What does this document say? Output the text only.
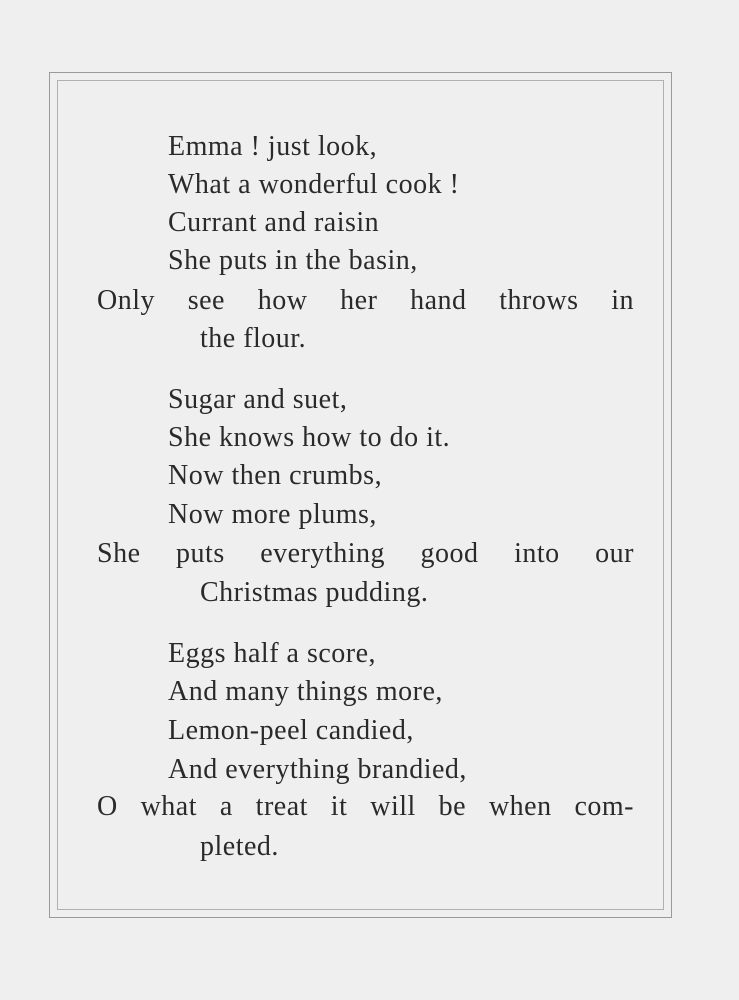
Emma ! just look,
What a wonderful cook !
Currant and raisin
She puts in the basin,
Only see how her hand throws in
the flour.
Sugar and suet,
She knows how to do it.
Now then crumbs,
Now more plums,
She puts everything good into our
Christmas pudding.
Eggs half a score,
And many things more,
Lemon-peel candied,
And everything brandied,
O what a treat it will be when com-
pleted.
